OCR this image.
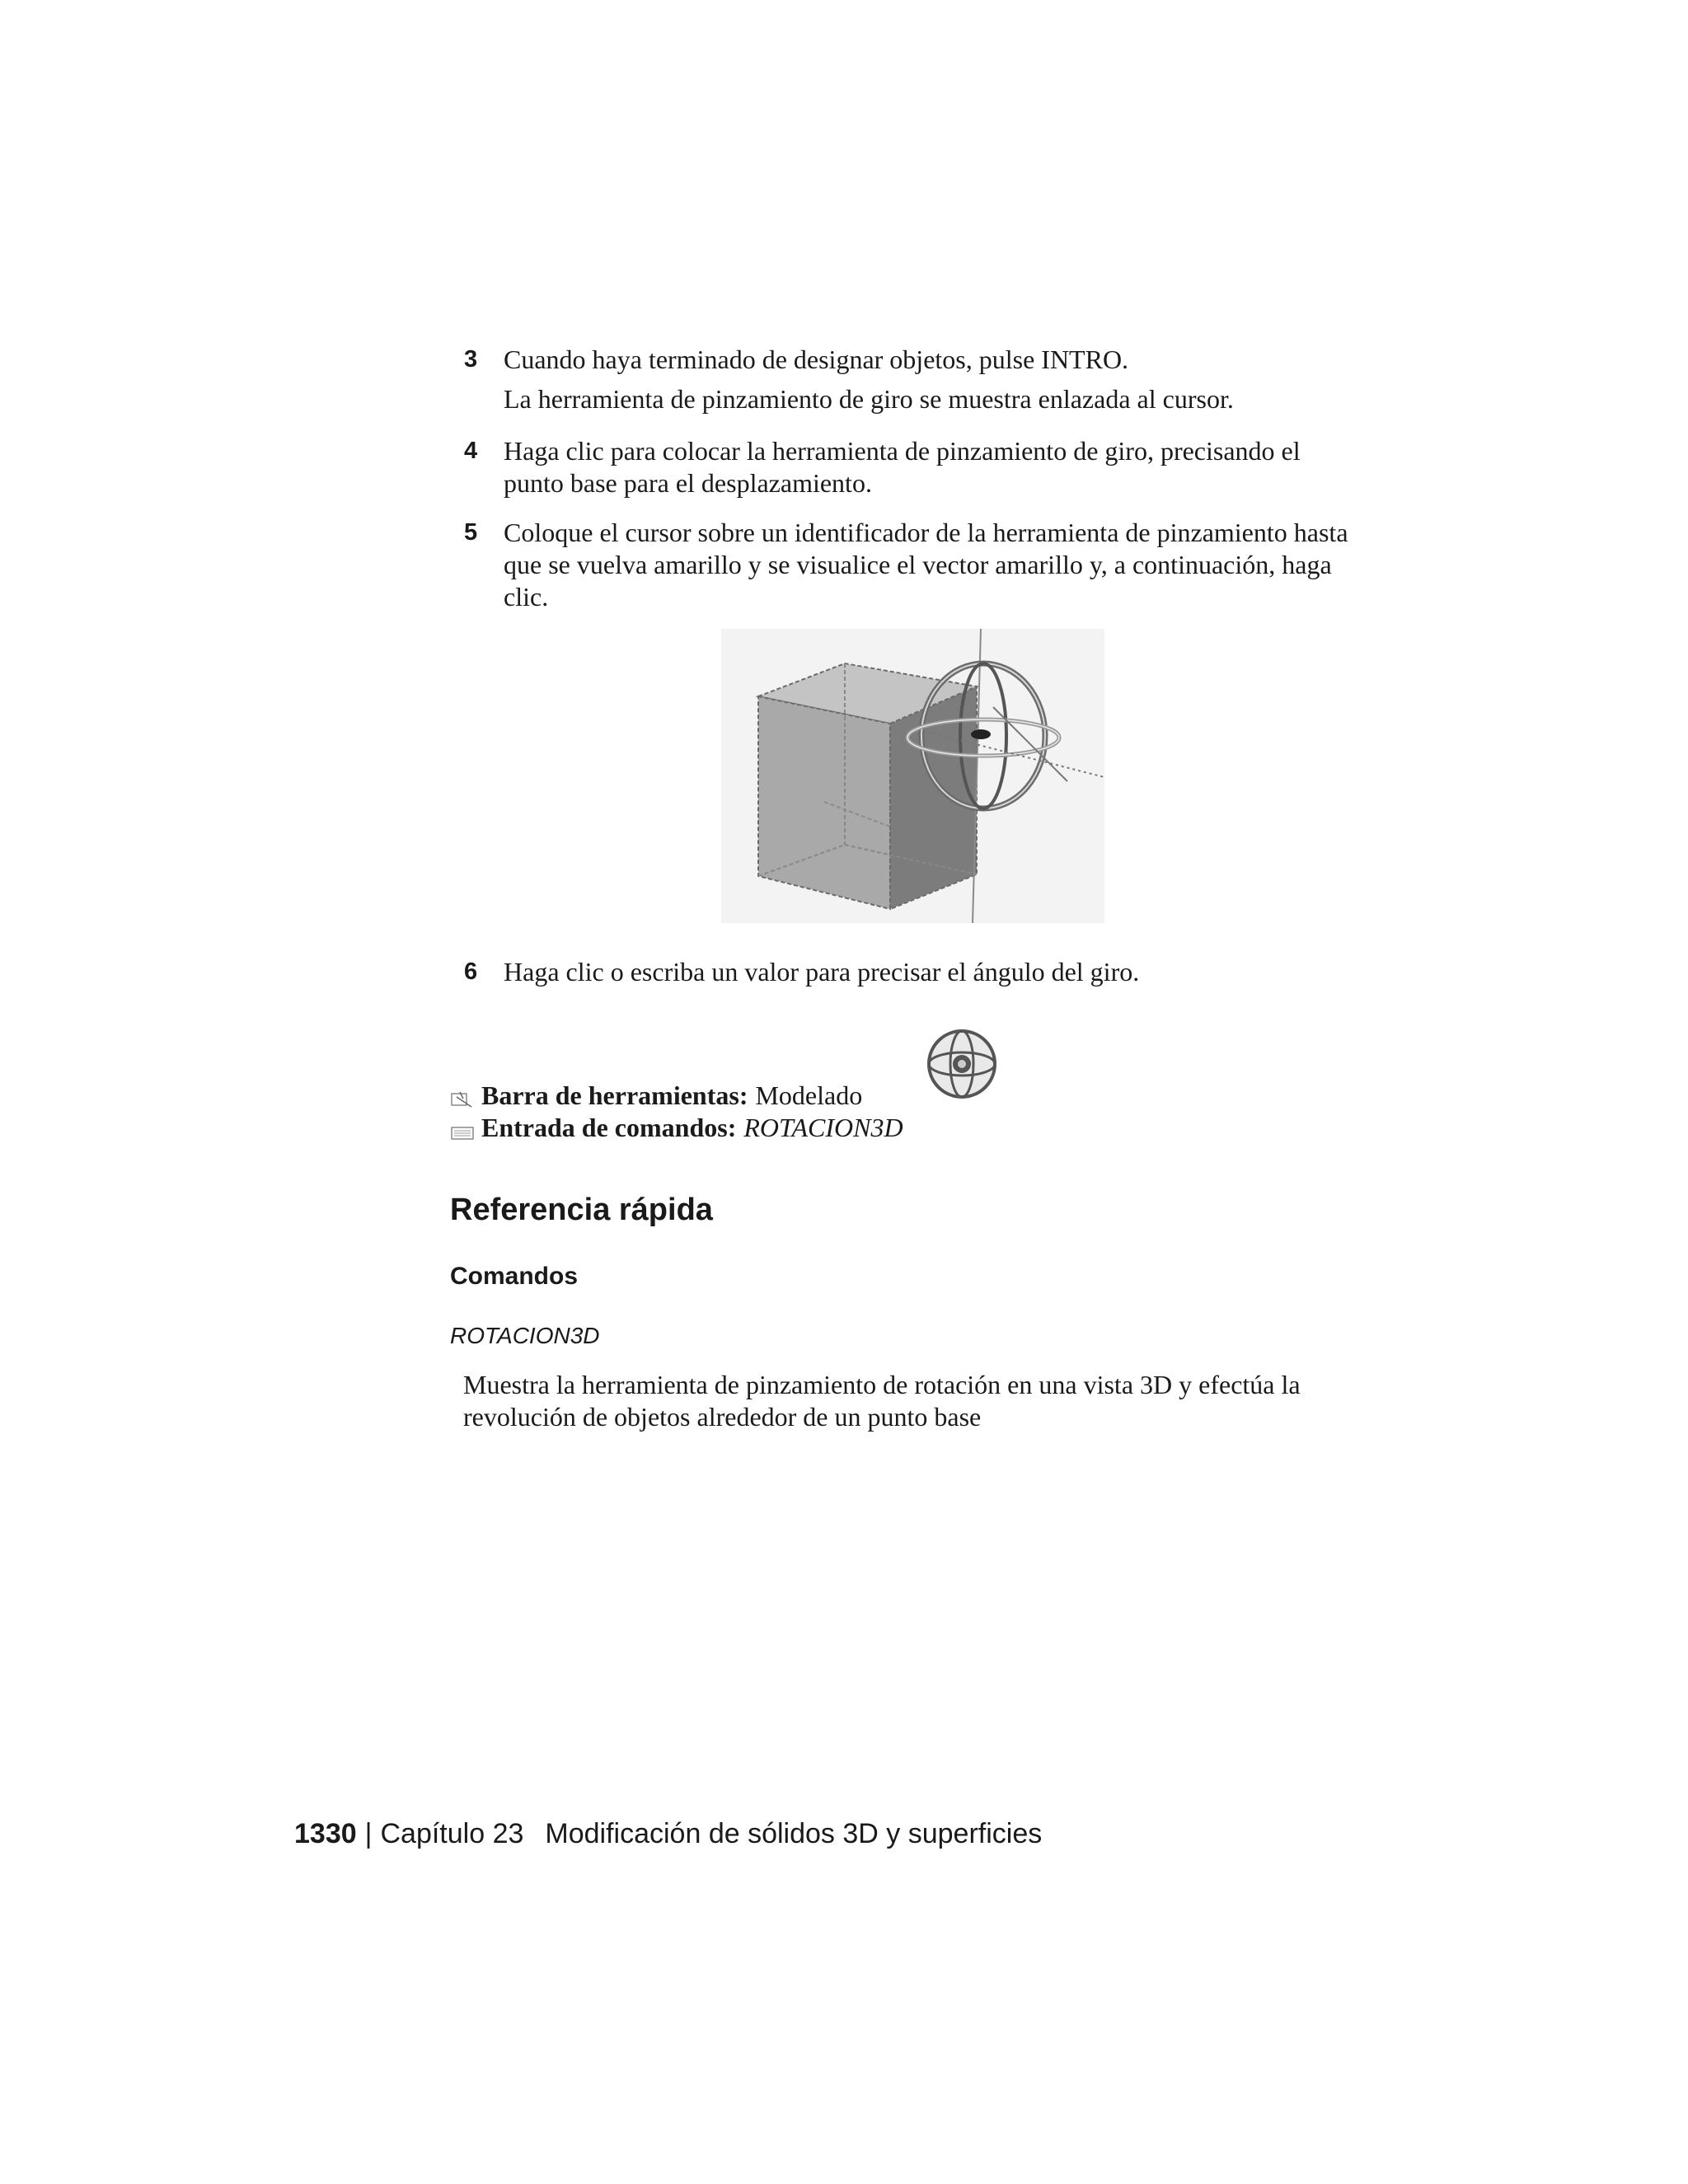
3 Cuando haya terminado de designar objetos, pulse INTRO.
La herramienta de pinzamiento de giro se muestra enlazada al cursor.
4 Haga clic para colocar la herramienta de pinzamiento de giro, precisando el punto base para el desplazamiento.
5 Coloque el cursor sobre un identificador de la herramienta de pinzamiento hasta que se vuelva amarillo y se visualice el vector amarillo y, a continuación, haga clic.
6 Haga clic o escriba un valor para precisar el ángulo del giro.
Barra de herramientas: Modelado
Entrada de comandos: ROTACION3D
Referencia rápida
Comandos
ROTACION3D
Muestra la herramienta de pinzamiento de rotación en una vista 3D y efectúa la revolución de objetos alrededor de un punto base
1330 | Capítulo 23 Modificación de sólidos 3D y superficies
